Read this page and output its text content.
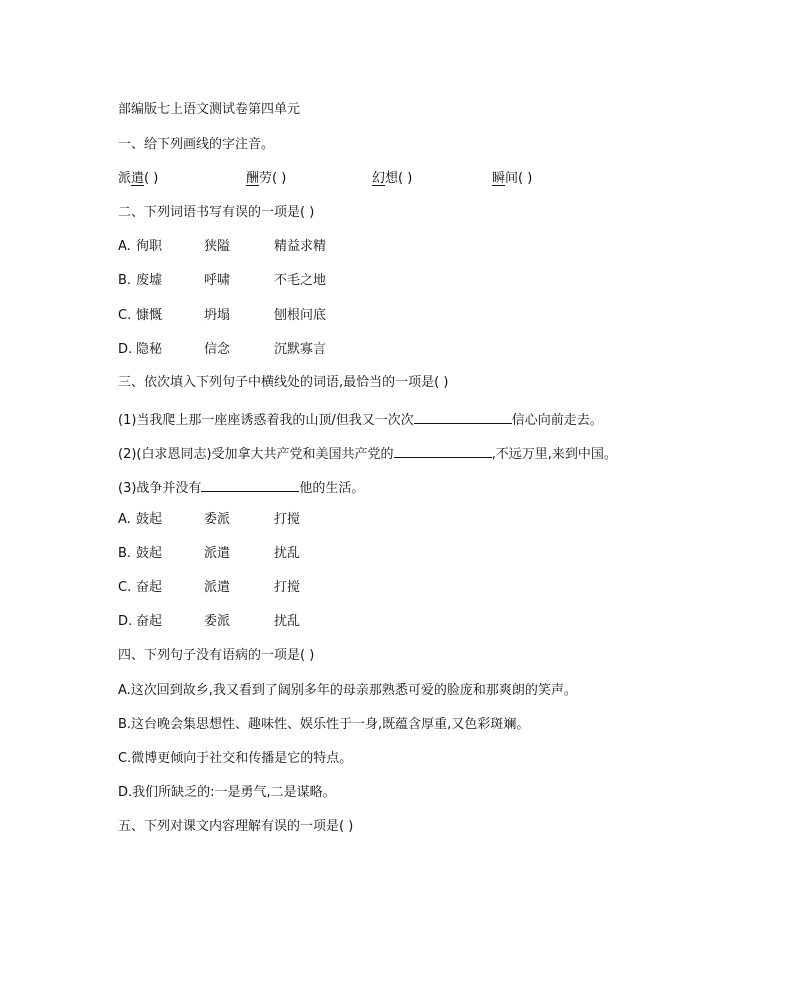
部编版七上语文测试卷第四单元
一、给下列画线的字注音。
派遣( )	酬劳( )	幻想( )	瞬间( )
二、下列词语书写有误的一项是( )
A. 徇职	狭隘	精益求精
B. 废墟	呼啸	不毛之地
C. 慷慨	坍塌	刨根问底
D. 隐秘	信念	沉默寡言
三、依次填入下列句子中横线处的词语,最恰当的一项是( )
(1)当我爬上那一座座诱惑着我的山顶/但我又一次次	信心向前走去。
(2)(白求恩同志)受加拿大共产党和美国共产党的	,不远万里,来到中国。
(3)战争并没有	他的生活。
A. 鼓起	委派	打搅
B. 鼓起	派遣	扰乱
C. 奋起	派遣	打搅
D. 奋起	委派	扰乱
四、下列句子没有语病的一项是( )
A.这次回到故乡,我又看到了阔别多年的母亲那熟悉可爱的脸庞和那爽朗的笑声。
B.这台晚会集思想性、趣味性、娱乐性于一身,既蕴含厚重,又色彩斑斓。
C.微博更倾向于社交和传播是它的特点。
D.我们所缺乏的:一是勇气,二是谋略。
五、下列对课文内容理解有误的一项是( )
